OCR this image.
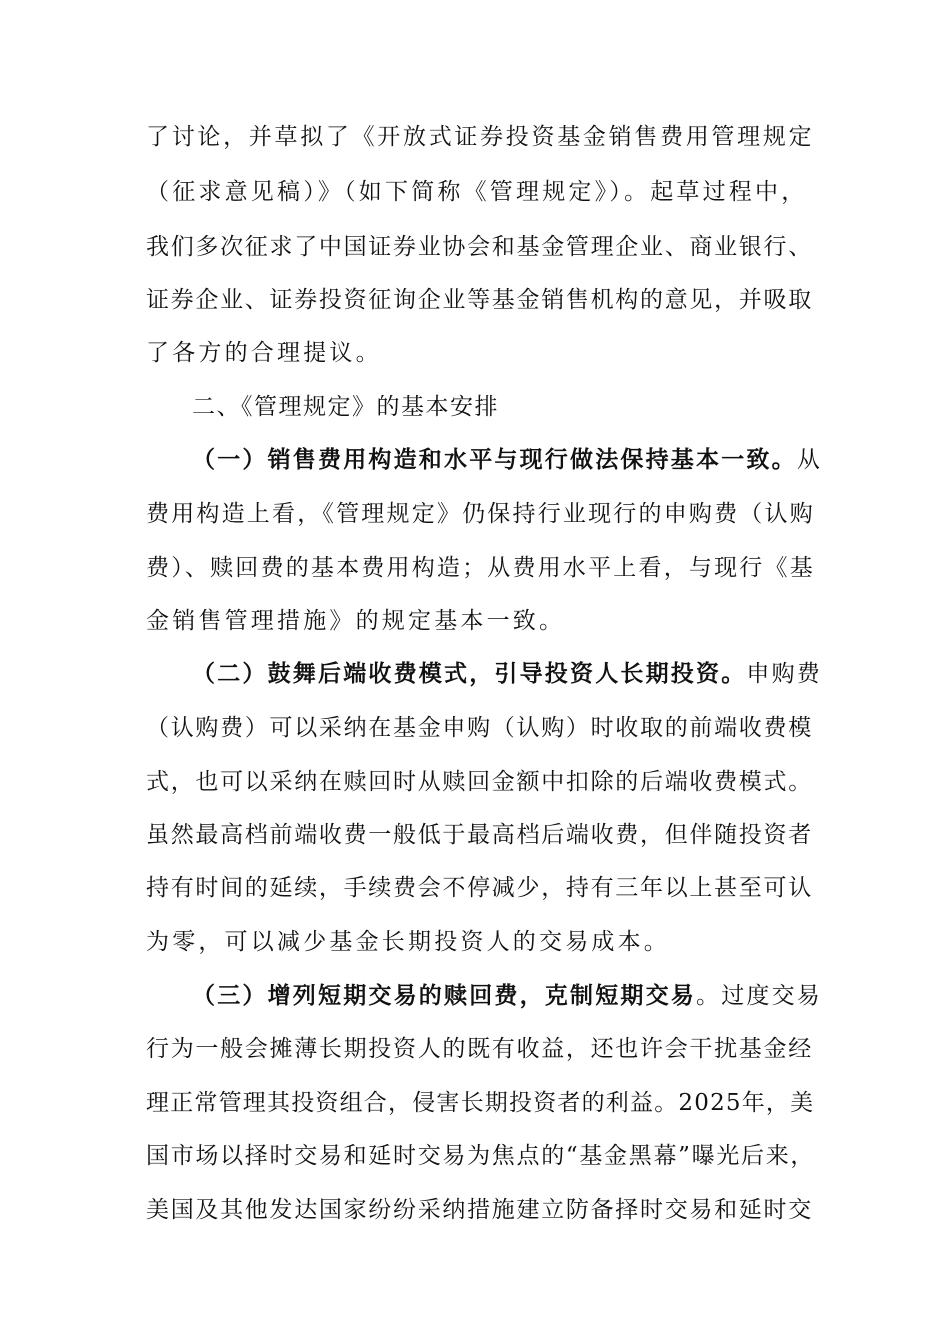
了讨论，并草拟了《开放式证券投资基金销售费用管理规定
（征求意见稿）》（如下简称《管理规定》）。起草过程中，
我们多次征求了中国证券业协会和基金管理企业、商业银行、
证券企业、证券投资征询企业等基金销售机构的意见，并吸取
了各方的合理提议。
二、《管理规定》的基本安排
（一）销售费用构造和水平与现行做法保持基本一致。从
费用构造上看，《管理规定》仍保持行业现行的申购费（认购
费）、赎回费的基本费用构造；从费用水平上看，与现行《基
金销售管理措施》的规定基本一致。
（二）鼓舞后端收费模式，引导投资人长期投资。申购费
（认购费）可以采纳在基金申购（认购）时收取的前端收费模
式，也可以采纳在赎回时从赎回金额中扣除的后端收费模式。
虽然最高档前端收费一般低于最高档后端收费，但伴随投资者
持有时间的延续，手续费会不停减少，持有三年以上甚至可认
为零，可以减少基金长期投资人的交易成本。
（三）增列短期交易的赎回费，克制短期交易。过度交易
行为一般会摊薄长期投资人的既有收益，还也许会干扰基金经
理正常管理其投资组合，侵害长期投资者的利益。2025年，美
国市场以择时交易和延时交易为焦点的“基金黑幕”曝光后来，
美国及其他发达国家纷纷采纳措施建立防备择时交易和延时交
